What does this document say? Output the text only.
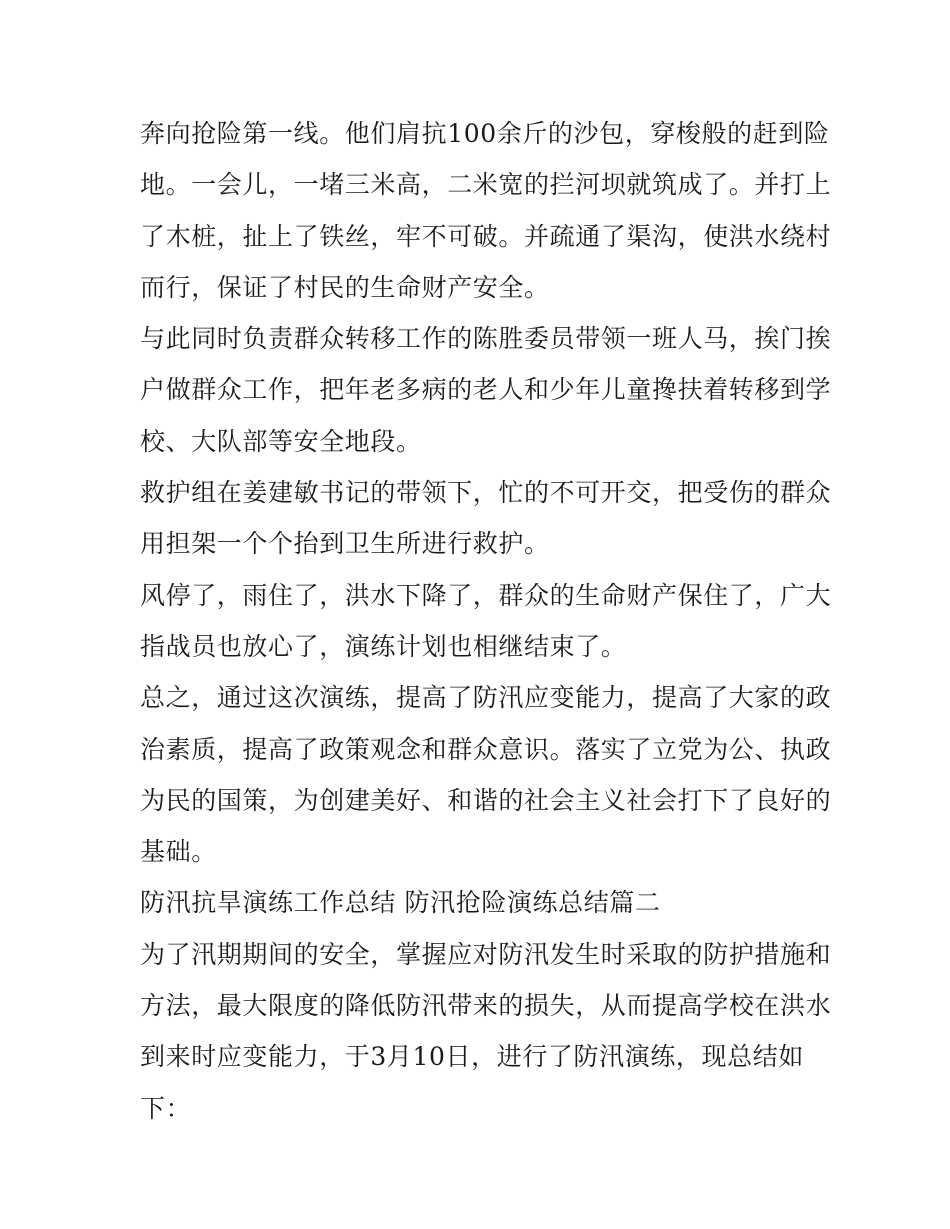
奔向抢险第一线。他们肩抗100余斤的沙包，穿梭般的赶到险
地。一会儿，一堵三米高，二米宽的拦河坝就筑成了。并打上
了木桩，扯上了铁丝，牢不可破。并疏通了渠沟，使洪水绕村
而行，保证了村民的生命财产安全。

与此同时负责群众转移工作的陈胜委员带领一班人马，挨门挨
户做群众工作，把年老多病的老人和少年儿童搀扶着转移到学
校、大队部等安全地段。

救护组在姜建敏书记的带领下，忙的不可开交，把受伤的群众
用担架一个个抬到卫生所进行救护。

风停了，雨住了，洪水下降了，群众的生命财产保住了，广大
指战员也放心了，演练计划也相继结束了。

总之，通过这次演练，提高了防汛应变能力，提高了大家的政
治素质，提高了政策观念和群众意识。落实了立党为公、执政
为民的国策，为创建美好、和谐的社会主义社会打下了良好的
基础。

防汛抗旱演练工作总结 防汛抢险演练总结篇二

为了汛期期间的安全，掌握应对防汛发生时采取的防护措施和
方法，最大限度的降低防汛带来的损失，从而提高学校在洪水
到来时应变能力，于3月10日，进行了防汛演练，现总结如
下：
